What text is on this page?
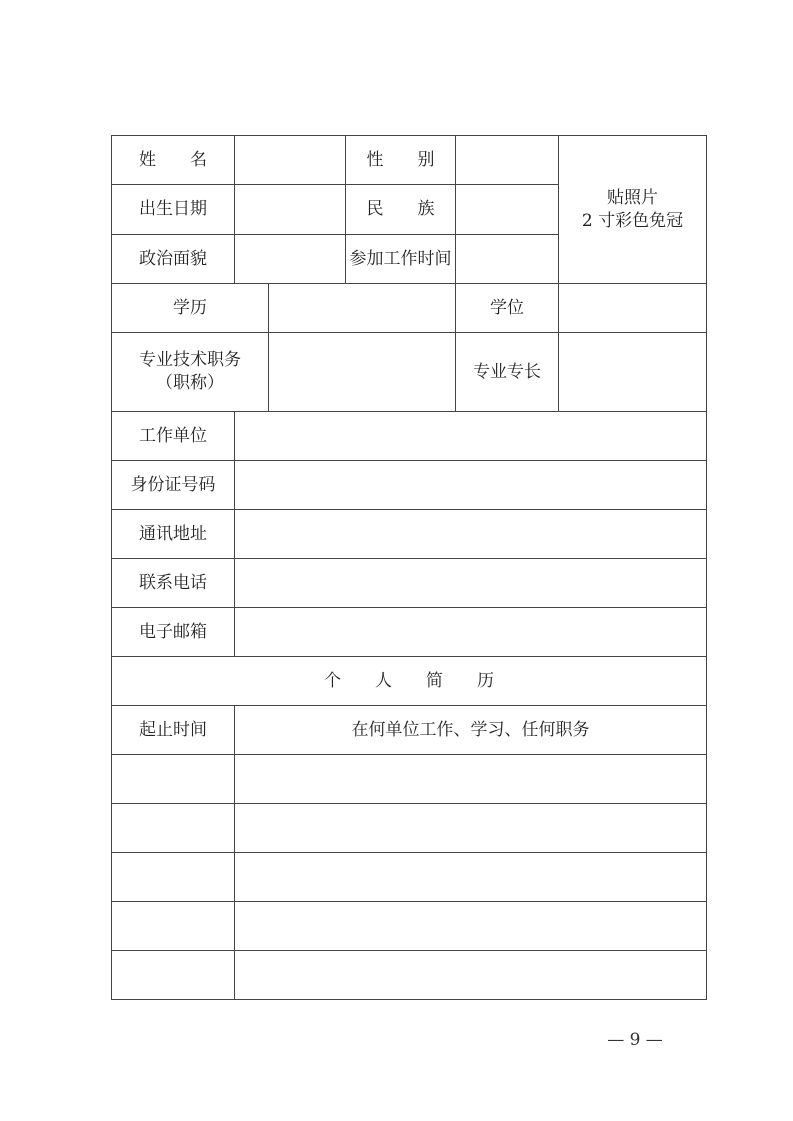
姓　　名			性　　别		贴照片
2 寸彩色免冠

出生日期			民　　族		
政治面貌			参加工作时间		
学历				学位	

专业技术职务
（职称）				专业专长	
工作单位					
身份证号码					
通讯地址					
联系电话					
电子邮箱					
个　　人　　简　　历					
起止时间	在何单位工作、学习、任何职务				

— 9 —
